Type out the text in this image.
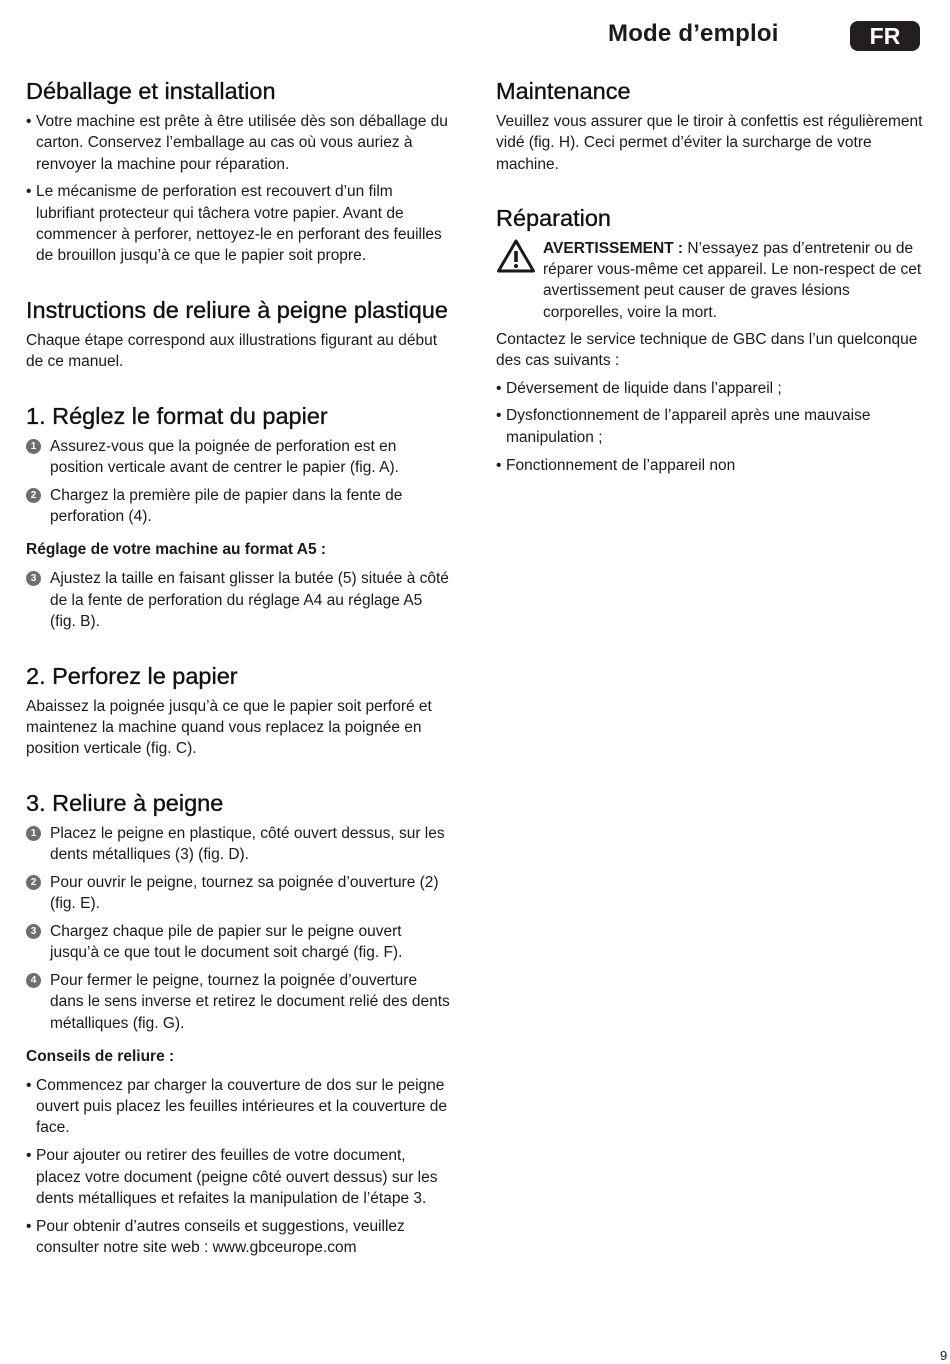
Mode d’emploi	FR
Déballage et installation
• Votre machine est prête à être utilisée dès son déballage du carton. Conservez l’emballage au cas où vous auriez à renvoyer la machine pour réparation.
• Le mécanisme de perforation est recouvert d’un film lubrifiant protecteur qui tâchera votre papier. Avant de commencer à perforer, nettoyez-le en perforant des feuilles de brouillon jusqu’à ce que le papier soit propre.
Instructions de reliure à peigne plastique

Chaque étape correspond aux illustrations figurant au début de ce manuel.

1. Réglez le format du papier
1 Assurez-vous que la poignée de perforation est en position verticale avant de centrer le papier (fig. A).
2 Chargez la première pile de papier dans la fente de perforation (4).

Réglage de votre machine au format A5 :

3 Ajustez la taille en faisant glisser la butée (5) située à côté de la fente de perforation du réglage A4 au réglage A5 (fig. B).
2. Perforez le papier

Abaissez la poignée jusqu’à ce que le papier soit perforé et maintenez la machine quand vous replacez la poignée en position verticale (fig. C).

3. Reliure à peigne
1 Placez le peigne en plastique, côté ouvert dessus, sur les dents métalliques (3) (fig. D).
2 Pour ouvrir le peigne, tournez sa poignée d’ouverture (2) (fig. E).
3 Chargez chaque pile de papier sur le peigne ouvert jusqu’à ce que tout le document soit chargé (fig. F).
4 Pour fermer le peigne, tournez la poignée d’ouverture dans le sens inverse et retirez le document relié des dents métalliques (fig. G).

Conseils de reliure :

• Commencez par charger la couverture de dos sur le peigne ouvert puis placez les feuilles intérieures et la couverture de face.
• Pour ajouter ou retirer des feuilles de votre document, placez votre document (peigne côté ouvert dessus) sur les dents métalliques et refaites la manipulation de l’étape 3.
• Pour obtenir d’autres conseils et suggestions, veuillez consulter notre site web : www.gbceurope.com
Maintenance

Veuillez vous assurer que le tiroir à confettis est régulièrement vidé (fig. H). Ceci permet d’éviter la surcharge de votre machine.

Réparation
AVERTISSEMENT : N’essayez pas d’entretenir ou de réparer vous-même cet appareil. Le non-respect de cet avertissement peut causer de graves lésions corporelles, voire la mort.

Contactez le service technique de GBC dans l’un quelconque des cas suivants :

• Déversement de liquide dans l’appareil ;
• Dysfonctionnement de l’appareil après une mauvaise manipulation ;
• Fonctionnement de l’appareil non
9
